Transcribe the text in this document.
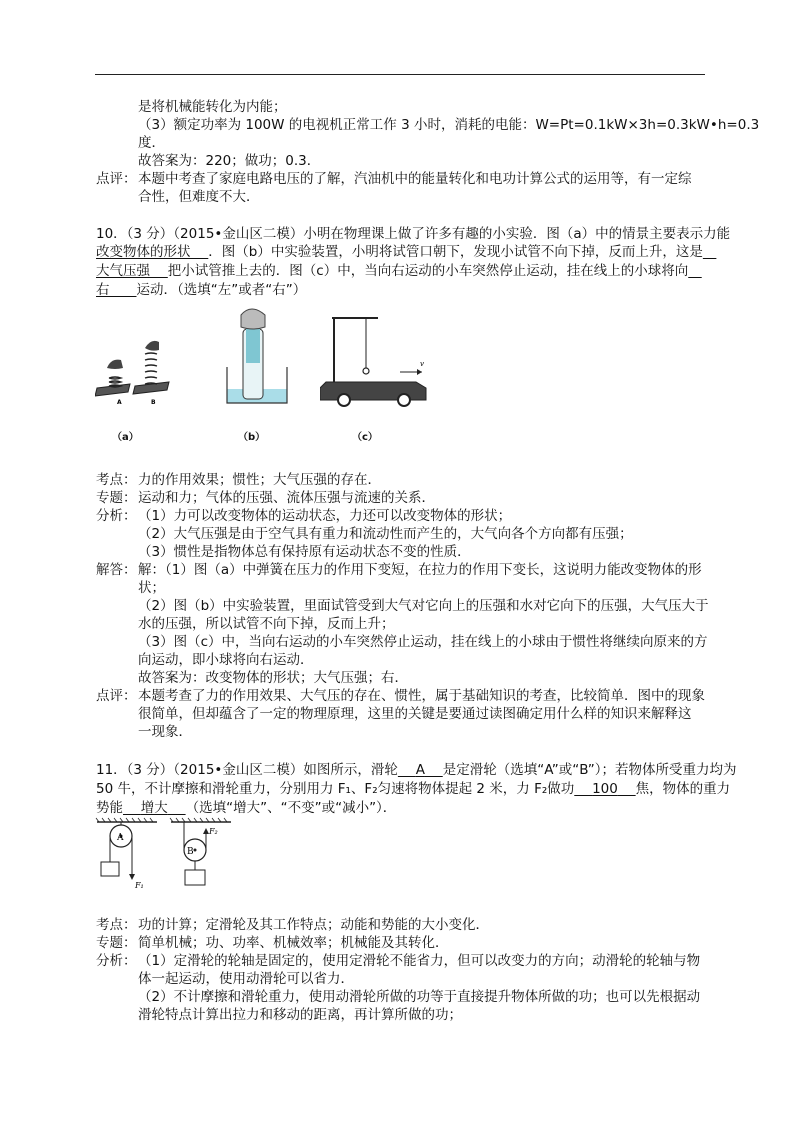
是将机械能转化为内能；
（3）额定功率为 100W 的电视机正常工作 3 小时，消耗的电能：W=Pt=0.1kW×3h=0.3kW•h=0.3
度．
故答案为：220；做功；0.3．
点评： 本题中考查了家庭电路电压的了解，汽油机中的能量转化和电功计算公式的运用等，有一定综
合性，但难度不大．
10．（3 分）（2015•金山区二模）小明在物理课上做了许多有趣的小实验．图（a）中的情景主要表示力能
改变物体的形状　 ．图（b）中实验装置，小明将试管口朝下，发现小试管不向下掉，反而上升，这是　
大气压强　 把小试管推上去的．图（c）中，当向右运动的小车突然停止运动，挂在线上的小球将向　
右　　 运动．（选填“左”或者“右”）
A	B
v
（a）	（b）	（c）
考点： 力的作用效果；惯性；大气压强的存在．
专题： 运动和力；气体的压强、流体压强与流速的关系．
分析： （1）力可以改变物体的运动状态，力还可以改变物体的形状；
（2）大气压强是由于空气具有重力和流动性而产生的，大气向各个方向都有压强；
（3）惯性是指物体总有保持原有运动状态不变的性质．
解答： 解：（1）图（a）中弹簧在压力的作用下变短，在拉力的作用下变长，这说明力能改变物体的形
状；
（2）图（b）中实验装置，里面试管受到大气对它向上的压强和水对它向下的压强，大气压大于
水的压强，所以试管不向下掉，反而上升；
（3）图（c）中，当向右运动的小车突然停止运动，挂在线上的小球由于惯性将继续向原来的方
向运动，即小球将向右运动．
故答案为：改变物体的形状；大气压强；右．
点评： 本题考查了力的作用效果、大气压的存在、惯性，属于基础知识的考查，比较简单．图中的现象
很简单，但却蕴含了一定的物理原理，这里的关键是要通过读图确定用什么样的知识来解释这
一现象．
11．（3 分）（2015•金山区二模）如图所示，滑轮　 A　 是定滑轮（选填“A”或“B”）；若物体所受重力均为
50 牛，不计摩擦和滑轮重力，分别用力 F₁、F₂匀速将物体提起 2 米，力 F₂做功　 100　 焦，物体的重力
势能　 增大　 （选填“增大”、“不变”或“减小”）．
A
F₁
B
F₂
考点： 功的计算；定滑轮及其工作特点；动能和势能的大小变化．
专题： 简单机械；功、功率、机械效率；机械能及其转化．
分析： （1）定滑轮的轮轴是固定的，使用定滑轮不能省力，但可以改变力的方向；动滑轮的轮轴与物
体一起运动，使用动滑轮可以省力．
（2）不计摩擦和滑轮重力，使用动滑轮所做的功等于直接提升物体所做的功；也可以先根据动
滑轮特点计算出拉力和移动的距离，再计算所做的功；
